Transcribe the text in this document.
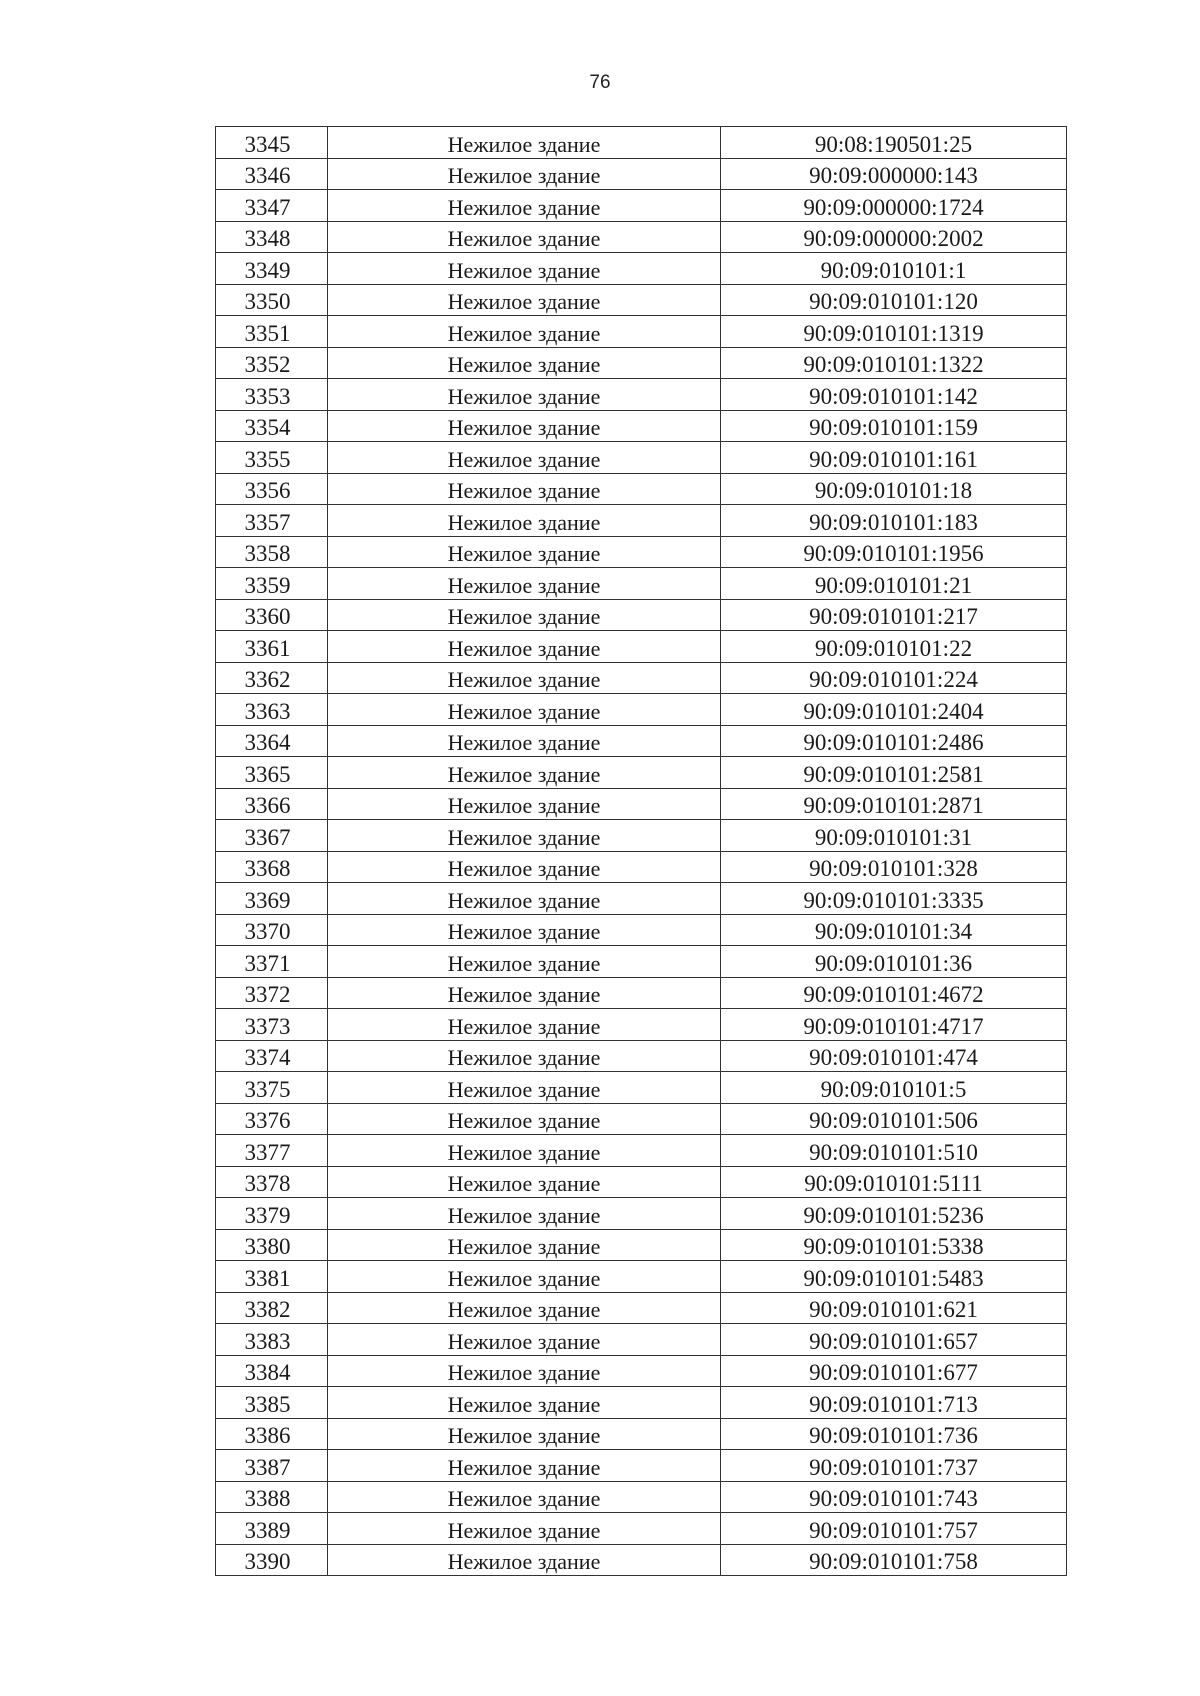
76
3345	Нежилое здание	90:08:190501:25
3346	Нежилое здание	90:09:000000:143
3347	Нежилое здание	90:09:000000:1724
3348	Нежилое здание	90:09:000000:2002
3349	Нежилое здание	90:09:010101:1
3350	Нежилое здание	90:09:010101:120
3351	Нежилое здание	90:09:010101:1319
3352	Нежилое здание	90:09:010101:1322
3353	Нежилое здание	90:09:010101:142
3354	Нежилое здание	90:09:010101:159
3355	Нежилое здание	90:09:010101:161
3356	Нежилое здание	90:09:010101:18
3357	Нежилое здание	90:09:010101:183
3358	Нежилое здание	90:09:010101:1956
3359	Нежилое здание	90:09:010101:21
3360	Нежилое здание	90:09:010101:217
3361	Нежилое здание	90:09:010101:22
3362	Нежилое здание	90:09:010101:224
3363	Нежилое здание	90:09:010101:2404
3364	Нежилое здание	90:09:010101:2486
3365	Нежилое здание	90:09:010101:2581
3366	Нежилое здание	90:09:010101:2871
3367	Нежилое здание	90:09:010101:31
3368	Нежилое здание	90:09:010101:328
3369	Нежилое здание	90:09:010101:3335
3370	Нежилое здание	90:09:010101:34
3371	Нежилое здание	90:09:010101:36
3372	Нежилое здание	90:09:010101:4672
3373	Нежилое здание	90:09:010101:4717
3374	Нежилое здание	90:09:010101:474
3375	Нежилое здание	90:09:010101:5
3376	Нежилое здание	90:09:010101:506
3377	Нежилое здание	90:09:010101:510
3378	Нежилое здание	90:09:010101:5111
3379	Нежилое здание	90:09:010101:5236
3380	Нежилое здание	90:09:010101:5338
3381	Нежилое здание	90:09:010101:5483
3382	Нежилое здание	90:09:010101:621
3383	Нежилое здание	90:09:010101:657
3384	Нежилое здание	90:09:010101:677
3385	Нежилое здание	90:09:010101:713
3386	Нежилое здание	90:09:010101:736
3387	Нежилое здание	90:09:010101:737
3388	Нежилое здание	90:09:010101:743
3389	Нежилое здание	90:09:010101:757
3390	Нежилое здание	90:09:010101:758
